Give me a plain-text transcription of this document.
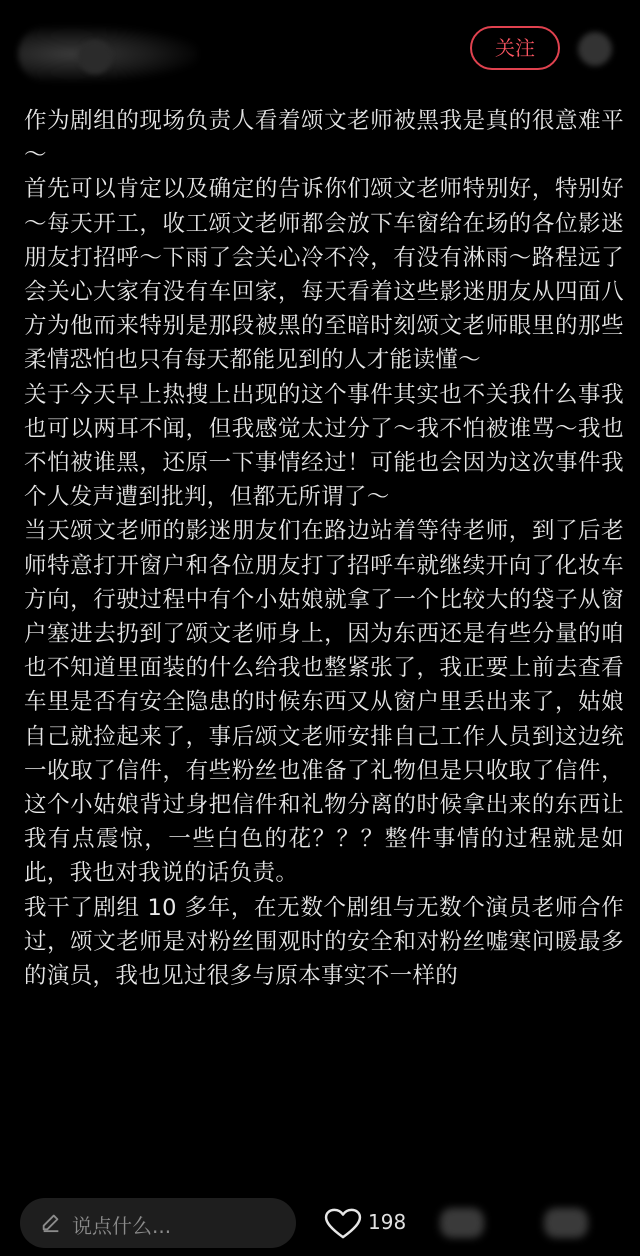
关注

作为剧组的现场负责人看着颂文老师被黑我是真的很意难平～

首先可以肯定以及确定的告诉你们颂文老师特别好，特别好～每天开工，收工颂文老师都会放下车窗给在场的各位影迷朋友打招呼～下雨了会关心冷不冷，有没有淋雨～路程远了会关心大家有没有车回家，每天看着这些影迷朋友从四面八方为他而来特别是那段被黑的至暗时刻颂文老师眼里的那些柔情恐怕也只有每天都能见到的人才能读懂～

关于今天早上热搜上出现的这个事件其实也不关我什么事我也可以两耳不闻，但我感觉太过分了～我不怕被谁骂～我也不怕被谁黑，还原一下事情经过！可能也会因为这次事件我个人发声遭到批判，但都无所谓了～

当天颂文老师的影迷朋友们在路边站着等待老师，到了后老师特意打开窗户和各位朋友打了招呼车就继续开向了化妆车方向，行驶过程中有个小姑娘就拿了一个比较大的袋子从窗户塞进去扔到了颂文老师身上，因为东西还是有些分量的咱也不知道里面装的什么给我也整紧张了，我正要上前去查看车里是否有安全隐患的时候东西又从窗户里丢出来了，姑娘自己就捡起来了，事后颂文老师安排自己工作人员到这边统一收取了信件，有些粉丝也准备了礼物但是只收取了信件，这个小姑娘背过身把信件和礼物分离的时候拿出来的东西让我有点震惊，一些白色的花？？？整件事情的过程就是如此，我也对我说的话负责。

我干了剧组 10 多年，在无数个剧组与无数个演员老师合作过，颂文老师是对粉丝围观时的安全和对粉丝嘘寒问暖最多的演员，我也见过很多与原本事实不一样的

说点什么...	198
